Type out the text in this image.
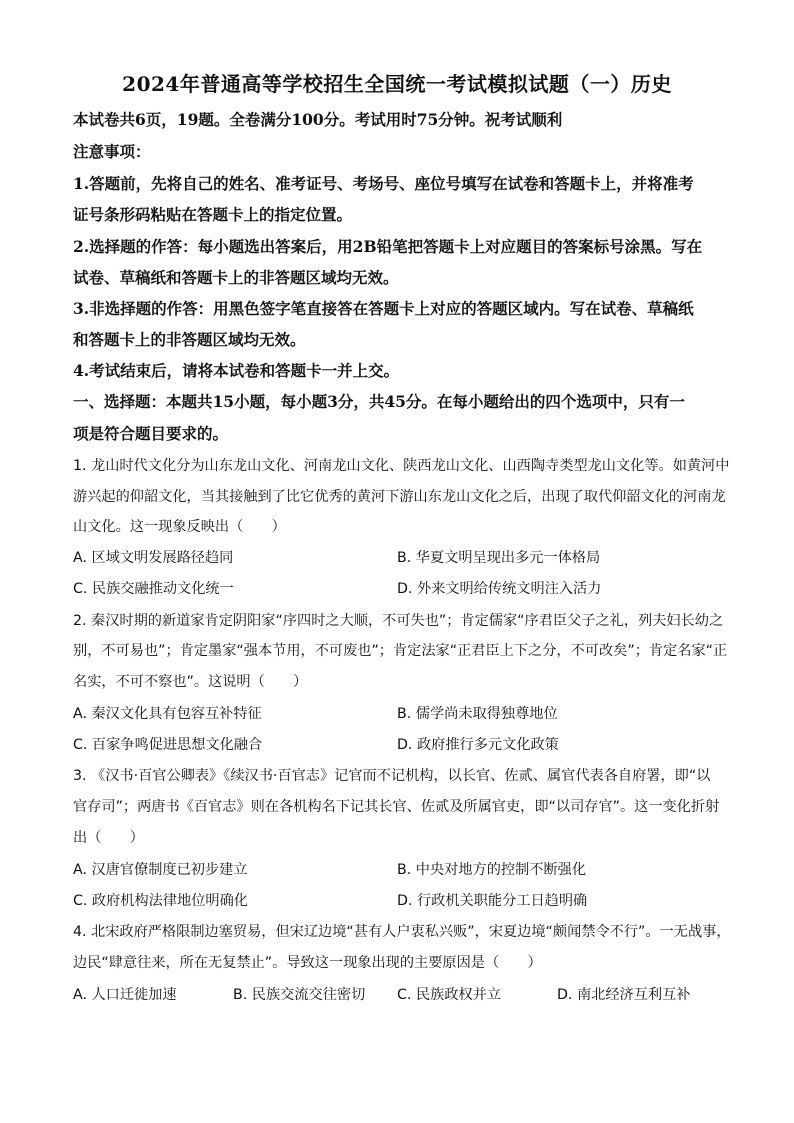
2024年普通高等学校招生全国统一考试模拟试题（一）历史
本试卷共6页，19题。全卷满分100分。考试用时75分钟。祝考试顺利
注意事项：
1.答题前，先将自己的姓名、准考证号、考场号、座位号填写在试卷和答题卡上，并将准考
证号条形码粘贴在答题卡上的指定位置。
2.选择题的作答：每小题选出答案后，用2B铅笔把答题卡上对应题目的答案标号涂黑。写在
试卷、草稿纸和答题卡上的非答题区域均无效。
3.非选择题的作答：用黑色签字笔直接答在答题卡上对应的答题区域内。写在试卷、草稿纸
和答题卡上的非答题区域均无效。
4.考试结束后，请将本试卷和答题卡一并上交。
一、选择题：本题共15小题，每小题3分，共45分。在每小题给出的四个选项中，只有一
项是符合题目要求的。
1. 龙山时代文化分为山东龙山文化、河南龙山文化、陕西龙山文化、山西陶寺类型龙山文化等。如黄河中
游兴起的仰韶文化，当其接触到了比它优秀的黄河下游山东龙山文化之后，出现了取代仰韶文化的河南龙
山文化。这一现象反映出（　　）
A. 区域文明发展路径趋同	B. 华夏文明呈现出多元一体格局
C. 民族交融推动文化统一	D. 外来文明给传统文明注入活力
2. 秦汉时期的新道家肯定阴阳家“序四时之大顺，不可失也”；肯定儒家“序君臣父子之礼，列夫妇长幼之
别，不可易也”；肯定墨家“强本节用，不可废也”；肯定法家“正君臣上下之分，不可改矣”；肯定名家“正
名实，不可不察也”。这说明（　　）
A. 秦汉文化具有包容互补特征	B. 儒学尚未取得独尊地位
C. 百家争鸣促进思想文化融合	D. 政府推行多元文化政策
3. 《汉书·百官公卿表》《续汉书·百官志》记官而不记机构，以长官、佐贰、属官代表各自府署，即“以
官存司”；两唐书《百官志》则在各机构名下记其长官、佐贰及所属官吏，即“以司存官”。这一变化折射
出（　　）
A. 汉唐官僚制度已初步建立	B. 中央对地方的控制不断强化
C. 政府机构法律地位明确化	D. 行政机关职能分工日趋明确
4. 北宋政府严格限制边塞贸易，但宋辽边境“甚有人户衷私兴贩”，宋夏边境“颇闻禁令不行”。一无战事，
边民“肆意往来，所在无复禁止”。导致这一现象出现的主要原因是（　　）
A. 人口迁徙加速	B. 民族交流交往密切 C. 民族政权并立	D. 南北经济互利互补
